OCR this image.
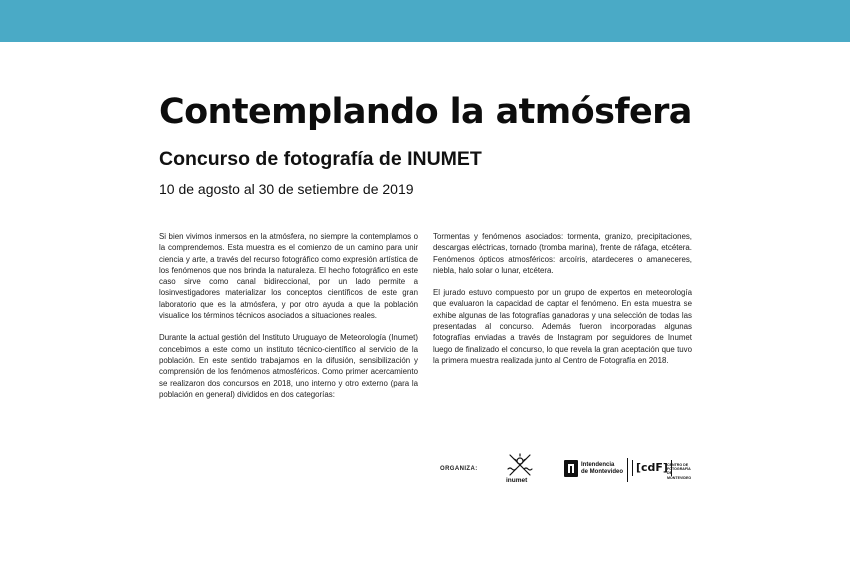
Contemplando la atmósfera
Concurso de fotografía de INUMET

10 de agosto al 30 de setiembre de 2019

Si bien vivimos inmersos en la atmósfera, no siempre la contemplamos o la comprendemos. Esta muestra es el comienzo de un camino para unir ciencia y arte, a través del recurso fotográfico como expresión artística de los fenómenos que nos brinda la naturaleza. El hecho fotográfico en este caso sirve como canal bidireccional, por un lado permite a losinvestigadores materializar los conceptos científicos de este gran laboratorio que es la atmósfera, y por otro ayuda a que la población visualice los términos técnicos asociados a situaciones reales.

Durante la actual gestión del Instituto Uruguayo de Meteorología (Inumet) concebimos a este como un instituto técnico-científico al servicio de la población. En este sentido trabajamos en la difusión, sensibilización y comprensión de los fenómenos atmosféricos. Como primer acercamiento se realizaron dos concursos en 2018, uno interno y otro externo (para la población en general) divididos en dos categorías:

Tormentas y fenómenos asociados: tormenta, granizo, precipitaciones, descargas eléctricas, tornado (tromba marina), frente de ráfaga, etcétera. Fenómenos ópticos atmosféricos: arcoíris, atardeceres o amaneceres, niebla, halo solar o lunar, etcétera.

El jurado estuvo compuesto por un grupo de expertos en meteorología que evaluaron la capacidad de captar el fenómeno. En esta muestra se exhibe algunas de las fotografías ganadoras y una selección de todas las presentadas al concurso. Además fueron incorporadas algunas fotografías enviadas a través de Instagram por seguidores de Inumet luego de finalizado el concurso, lo que revela la gran aceptación que tuvo la primera muestra realizada junto al Centro de Fotografía en 2018.

ORGANIZA:
inumet
Intendencia
de Montevideo	[cdF] CENTRO DE
FOTOGRAFÍA
DE MONTEVIDEO
